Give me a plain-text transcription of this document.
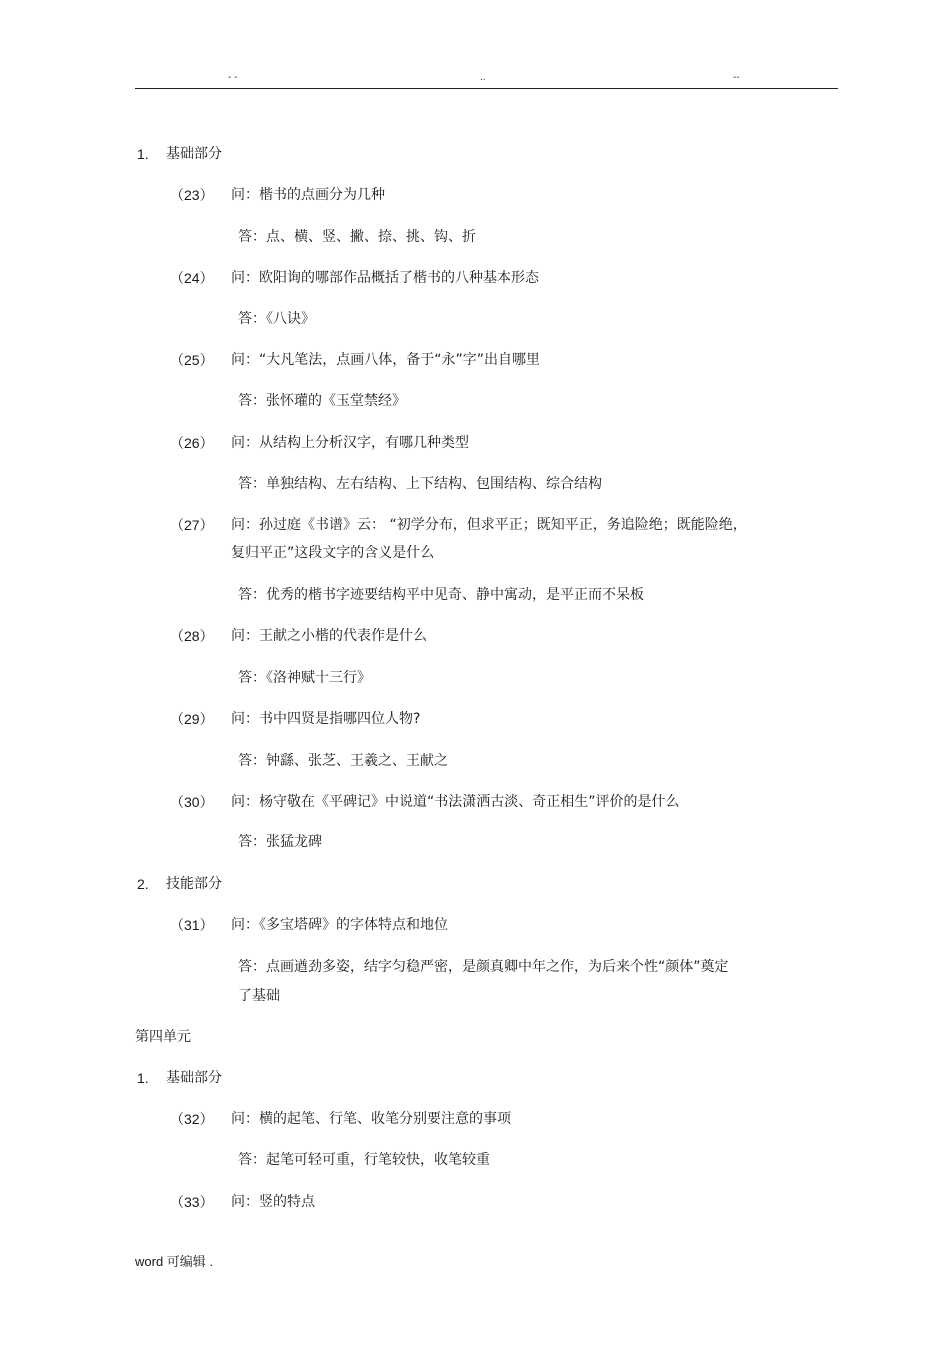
- -	..	--
1. 基础部分
（23） 问：楷书的点画分为几种
答：点、横、竖、撇、捺、挑、钩、折
（24） 问：欧阳询的哪部作品概括了楷书的八种基本形态
答：《八诀》
（25） 问：“大凡笔法，点画八体，备于“永”字”出自哪里
答：张怀瓘的《玉堂禁经》
（26） 问：从结构上分析汉字，有哪几种类型
答：单独结构、左右结构、上下结构、包围结构、综合结构
（27） 问：孙过庭《书谱》云： “初学分布，但求平正；既知平正，务追险绝；既能险绝，
复归平正”这段文字的含义是什么
答：优秀的楷书字迹要结构平中见奇、静中寓动，是平正而不呆板
（28） 问：王献之小楷的代表作是什么
答：《洛神赋十三行》
（29） 问：书中四贤是指哪四位人物?
答：钟繇、张芝、王羲之、王献之
（30） 问：杨守敬在《平碑记》中说道“书法潇洒古淡、奇正相生”评价的是什么
答：张猛龙碑
2. 技能部分
（31） 问：《多宝塔碑》的字体特点和地位
答：点画遒劲多姿，结字匀稳严密，是颜真卿中年之作，为后来个性“颜体”奠定
了基础
第四单元
1. 基础部分
（32） 问：横的起笔、行笔、收笔分别要注意的事项
答：起笔可轻可重，行笔较快，收笔较重
（33） 问：竖的特点
word 可编辑 .
